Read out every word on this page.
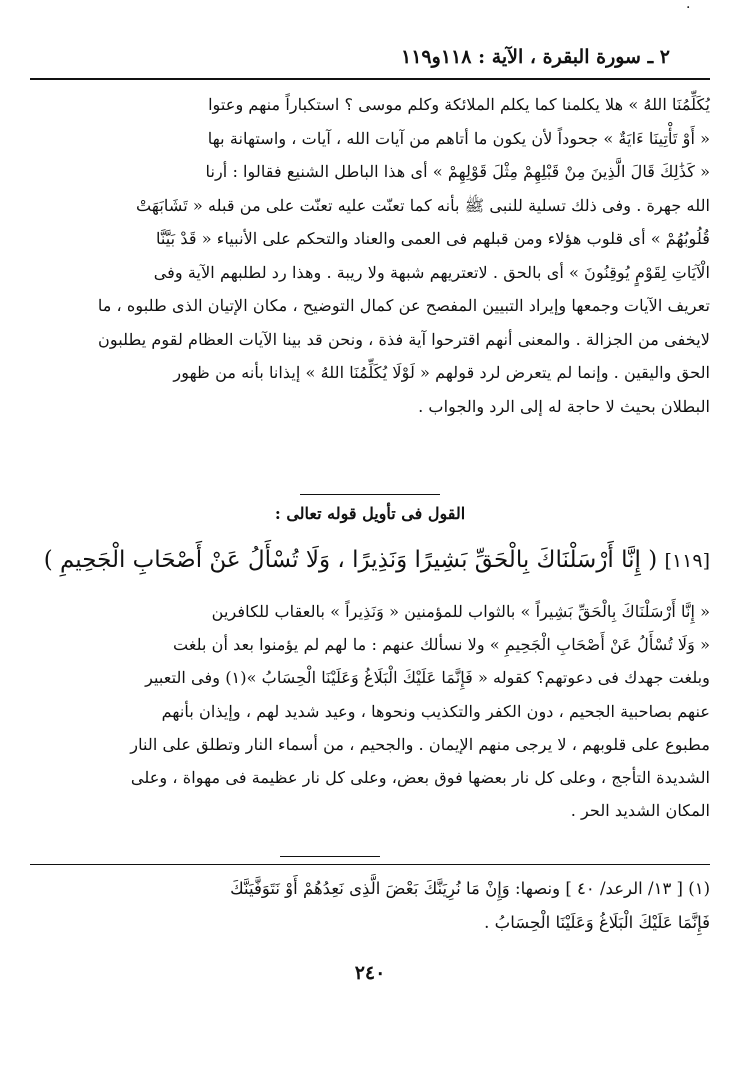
٢ ـ سورة البقرة ، الآية : ١١٨و١١٩

يُكَلِّمُنَا اللهُ » هلا يكلمنا كما يكلم الملائكة وكلم موسى ؟ استكباراً منهم وعتوا

« أَوْ تَأْتِينَا ءَايَةٌ » جحوداً لأن يكون ما أتاهم من آيات الله ، آيات ، واستهانة بها

« كَذَٰلِكَ قَالَ الَّذِينَ مِنْ قَبْلِهِمْ مِثْلَ قَوْلِهِمْ » أى هذا الباطل الشنيع فقالوا : أرنا

الله جهرة . وفى ذلك تسلية للنبى ﷺ بأنه كما تعنّت عليه تعنّت على من قبله « تَشَابَهَتْ

قُلُوبُهُمْ » أى قلوب هؤلاء ومن قبلهم فى العمى والعناد والتحكم على الأنبياء « قَدْ بَيَّنَّا

الْآيَاتِ لِقَوْمٍ يُوقِنُونَ » أى بالحق . لاتعتريهم شبهة ولا ريبة . وهذا رد لطلبهم الآية وفى

تعريف الآيات وجمعها وإيراد التبيين المفصح عن كمال التوضيح ، مكان الإتيان الذى طلبوه ، ما

لايخفى من الجزالة . والمعنى أنهم اقترحوا آية فذة ، ونحن قد بينا الآيات العظام لقوم يطلبون

الحق واليقين . وإنما لم يتعرض لرد قولهم « لَوْلَا يُكَلِّمُنَا اللهُ » إيذانا بأنه من ظهور

البطلان بحيث لا حاجة له إلى الرد والجواب .

القول فى تأويل قوله تعالى :
[١١٩] ( إِنَّا أَرْسَلْنَاكَ بِالْحَقِّ بَشِيرًا وَنَذِيرًا ، وَلَا تُسْأَلُ عَنْ أَصْحَابِ الْجَحِيمِ )

« إِنَّا أَرْسَلْنَاكَ بِالْحَقِّ بَشِيراً » بالثواب للمؤمنين « وَنَذِيراً » بالعقاب للكافرين

« وَلَا تُسْأَلُ عَنْ أَصْحَابِ الْجَحِيمِ » ولا نسألك عنهم : ما لهم لم يؤمنوا بعد أن بلغت

وبلغت جهدك فى دعوتهم؟ كقوله « فَإِنَّمَا عَلَيْكَ الْبَلَاغُ وَعَلَيْنَا الْحِسَابُ »(١) وفى التعبير

عنهم بصاحبية الجحيم ، دون الكفر والتكذيب ونحوها ، وعيد شديد لهم ، وإيذان بأنهم

مطبوع على قلوبهم ، لا يرجى منهم الإيمان . والجحيم ، من أسماء النار وتطلق على النار

الشديدة التأجج ، وعلى كل نار بعضها فوق بعض، وعلى كل نار عظيمة فى مهواة ، وعلى

المكان الشديد الحر .

(١) [ ١٣/ الرعد/ ٤٠ ] ونصها: وَإِنْ مَا نُرِيَنَّكَ بَعْضَ الَّذِى نَعِدُهُمْ أَوْ نَتَوَفَّيَنَّكَ

فَإِنَّمَا عَلَيْكَ الْبَلَاغُ وَعَلَيْنَا الْحِسَابُ .

٢٤٠
·
